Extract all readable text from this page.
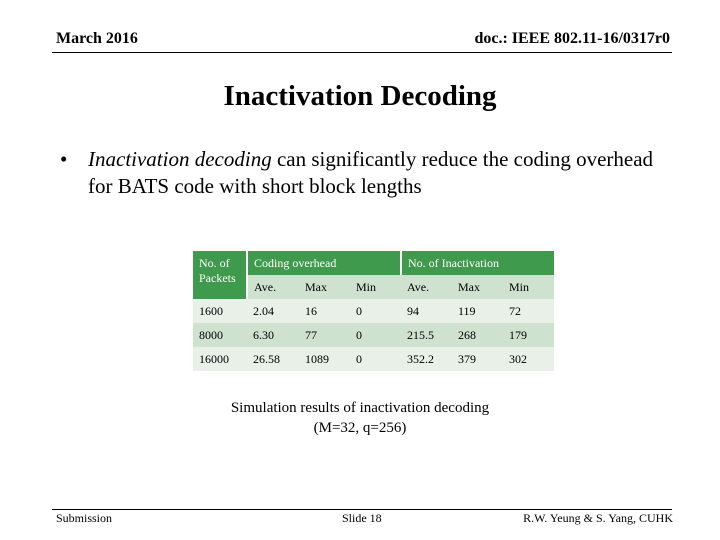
March 2016	doc.: IEEE 802.11-16/0317r0
Inactivation Decoding
• Inactivation decoding can significantly reduce the coding overhead for BATS code with short block lengths
No. of Packets	Coding overhead			No. of Inactivation		
	Ave.	Max	Min	Ave.	Max	Min
1600	2.04	16	0	94	119	72
8000	6.30	77	0	215.5	268	179
16000	26.58	1089	0	352.2	379	302
Simulation results of inactivation decoding
(M=32, q=256)
Submission	Slide 18	R.W. Yeung & S. Yang, CUHK
